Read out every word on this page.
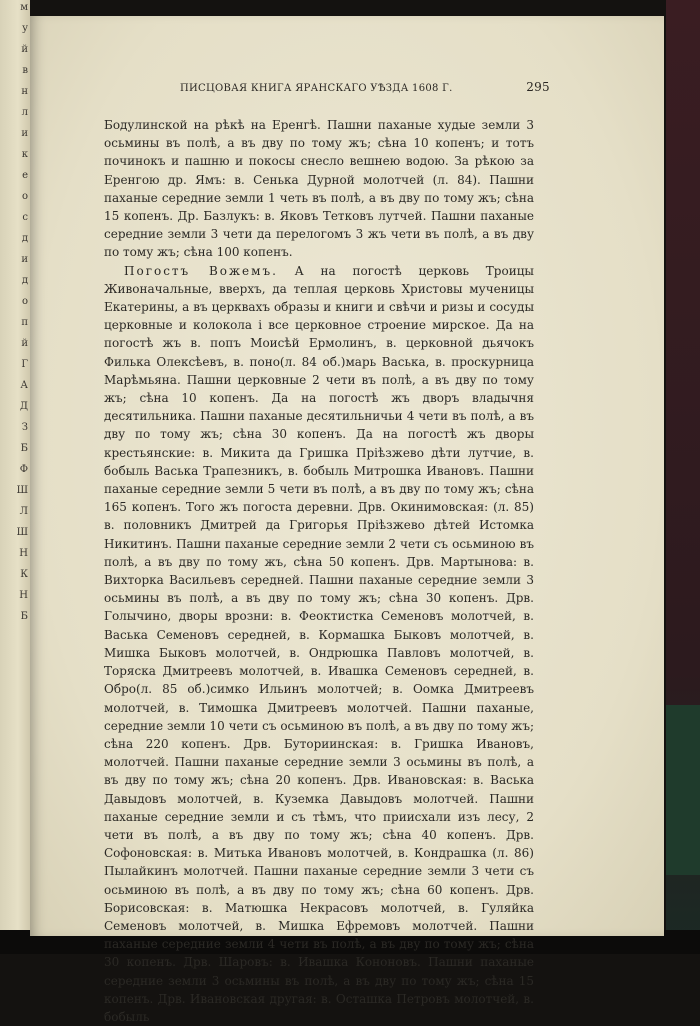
м
у
й
в
н
л
и
к
е
о
с
д
и
д
о
п
й
Г
А
Д
З
Б
Ф
Ш
Л
Ш
Н
К
Н
Б
ПИСЦОВАЯ КНИГА ЯРАНСКАГО УѢЗДА 1608 Г.	295

Бодулинской на рѣкѣ на Еренгѣ. Пашни паханые худые земли 3 осьмины въ полѣ, а въ дву по тому жъ; сѣна 10 копенъ; и тотъ починокъ и пашню и покосы снесло вешнею водою. За рѣкою за Еренгою др. Ямъ: в. Сенька Дурной молотчей (л. 84). Пашни паханые середние земли 1 четь въ полѣ, а въ дву по тому жъ; сѣна 15 копенъ. Др. Базлукъ: в. Яковъ Тетковъ лутчей. Пашни паханые середние земли 3 чети да перелогомъ 3 жъ чети въ полѣ, а въ дву по тому жъ; сѣна 100 копенъ.

Погостъ Вожемъ. А на погостѣ церковь Троицы Живоначальные, вверхъ, да теплая церковь Христовы мученицы Екатерины, а въ церквахъ образы и книги и свѣчи и ризы и сосуды церковные и колокола і все церковное строение мирское. Да на погостѣ жъ в. попъ Моисѣй Ермолинъ, в. церковной дьячокъ Филька Олексѣевъ, в. поно(л. 84 об.)марь Васька, в. проскурница Марѣмьяна. Пашни церковные 2 чети въ полѣ, а въ дву по тому жъ; сѣна 10 копенъ. Да на погостѣ жъ дворъ владычня десятильника. Пашни паханые десятильничьи 4 чети въ полѣ, а въ дву по тому жъ; сѣна 30 копенъ. Да на погостѣ жъ дворы крестьянские: в. Микита да Гришка Пріѣзжево дѣти лутчие, в. бобыль Васька Трапезникъ, в. бобыль Митрошка Ивановъ. Пашни паханые середние земли 5 чети въ полѣ, а въ дву по тому жъ; сѣна 165 копенъ. Того жъ погоста деревни. Дрв. Окинимовская: (л. 85) в. половникъ Дмитрей да Григорья Пріѣзжево дѣтей Истомка Никитинъ. Пашни паханые середние земли 2 чети съ осьминою въ полѣ, а въ дву по тому жъ, сѣна 50 копенъ. Дрв. Мартынова: в. Вихторка Васильевъ середней. Пашни паханые середние земли 3 осьмины въ полѣ, а въ дву по тому жъ; сѣна 30 копенъ. Дрв. Голычино, дворы врозни: в. Феоктистка Семеновъ молотчей, в. Васька Семеновъ середней, в. Кормашка Быковъ молотчей, в. Мишка Быковъ молотчей, в. Ондрюшка Павловъ молотчей, в. Торяска Дмитреевъ молотчей, в. Ивашка Семеновъ середней, в. Обро(л. 85 об.)симко Ильинъ молотчей; в. Оомка Дмитреевъ молотчей, в. Тимошка Дмитреевъ молотчей. Пашни паханые, середние земли 10 чети съ осьминою въ полѣ, а въ дву по тому жъ; сѣна 220 копенъ. Дрв. Буториинская: в. Гришка Ивановъ, молотчей. Пашни паханые середние земли 3 осьмины въ полѣ, а въ дву по тому жъ; сѣна 20 копенъ. Дрв. Ивановская: в. Васька Давыдовъ молотчей, в. Куземка Давыдовъ молотчей. Пашни паханые середние земли и съ тѣмъ, что приисхали изъ лесу, 2 чети въ полѣ, а въ дву по тому жъ; сѣна 40 копенъ. Дрв. Софоновская: в. Митька Ивановъ молотчей, в. Кондрашка (л. 86) Пылайкинъ молотчей. Пашни паханые середние земли 3 чети съ осьминою въ полѣ, а въ дву по тому жъ; сѣна 60 копенъ. Дрв. Борисовская: в. Матюшка Некрасовъ молотчей, в. Гуляйка Семеновъ молотчей, в. Мишка Ефремовъ молотчей. Пашни паханые середние земли 4 чети въ полѣ, а въ дву по тому жъ; сѣна 30 копенъ. Дрв. Шаровъ: в. Ивашка Кононовъ. Пашни паханые середние земли 3 осьмины въ полѣ, а въ дву по тому жъ; сѣна 15 копенъ. Дрв. Ивановская другая: в. Осташка Петровъ молотчей, в. бобыль
